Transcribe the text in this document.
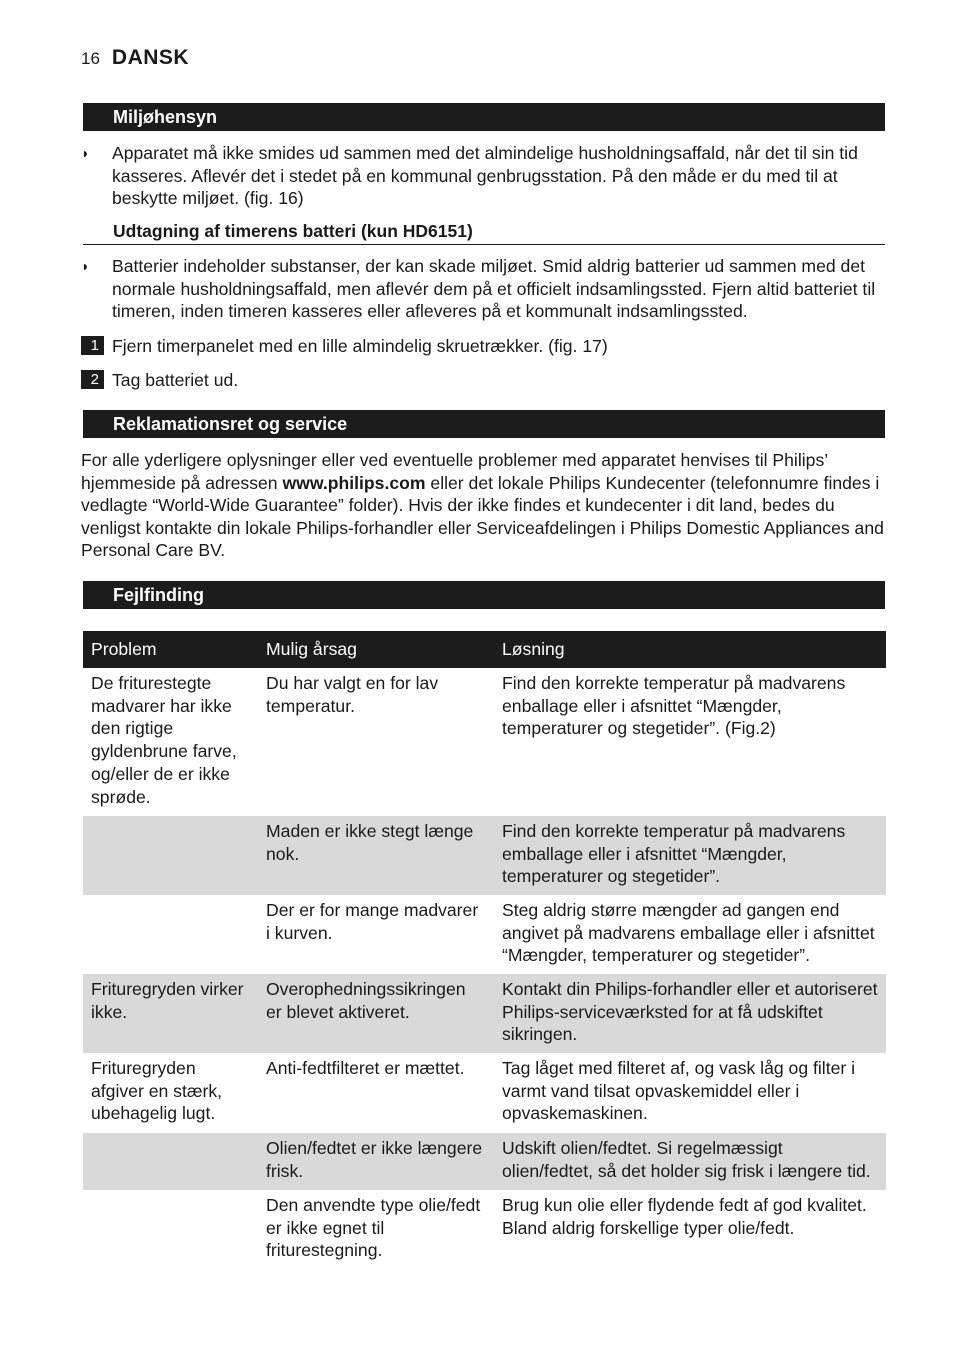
16 DANSK
Miljøhensyn
◗ Apparatet må ikke smides ud sammen med det almindelige husholdningsaffald, når det til sin tid kasseres. Aflevér det i stedet på en kommunal genbrugsstation. På den måde er du med til at beskytte miljøet. (fig. 16)
Udtagning af timerens batteri (kun HD6151)
◗ Batterier indeholder substanser, der kan skade miljøet. Smid aldrig batterier ud sammen med det normale husholdningsaffald, men aflevér dem på et officielt indsamlingssted. Fjern altid batteriet til timeren, inden timeren kasseres eller afleveres på et kommunalt indsamlingssted.
1 Fjern timerpanelet med en lille almindelig skruetrækker. (fig. 17)
2 Tag batteriet ud.
Reklamationsret og service
For alle yderligere oplysninger eller ved eventuelle problemer med apparatet henvises til Philips’ hjemmeside på adressen www.philips.com eller det lokale Philips Kundecenter (telefonnumre findes i vedlagte “World-Wide Guarantee” folder). Hvis der ikke findes et kundecenter i dit land, bedes du venligst kontakte din lokale Philips-forhandler eller Serviceafdelingen i Philips Domestic Appliances and Personal Care BV.
Fejlfinding
Problem	Mulig årsag	Løsning
De friturestegte madvarer har ikke den rigtige gyldenbrune farve, og/eller de er ikke sprøde.	Du har valgt en for lav temperatur.	Find den korrekte temperatur på madvarens enballage eller i afsnittet “Mængder, temperaturer og stegetider”. (Fig.2)
	Maden er ikke stegt længe nok.	Find den korrekte temperatur på madvarens emballage eller i afsnittet “Mængder, temperaturer og stegetider”.
	Der er for mange madvarer i kurven.	Steg aldrig større mængder ad gangen end angivet på madvarens emballage eller i afsnittet “Mængder, temperaturer og stegetider”.
Frituregryden virker ikke.	Overophedningssikringen er blevet aktiveret.	Kontakt din Philips-forhandler eller et autoriseret Philips-serviceværksted for at få udskiftet sikringen.
Frituregryden afgiver en stærk, ubehagelig lugt.	Anti-fedtfilteret er mættet.	Tag låget med filteret af, og vask låg og filter i varmt vand tilsat opvaskemiddel eller i opvaskemaskinen.
	Olien/fedtet er ikke længere frisk.	Udskift olien/fedtet. Si regelmæssigt olien/fedtet, så det holder sig frisk i længere tid.
	Den anvendte type olie/fedt er ikke egnet til friturestegning.	Brug kun olie eller flydende fedt af god kvalitet. Bland aldrig forskellige typer olie/fedt.
